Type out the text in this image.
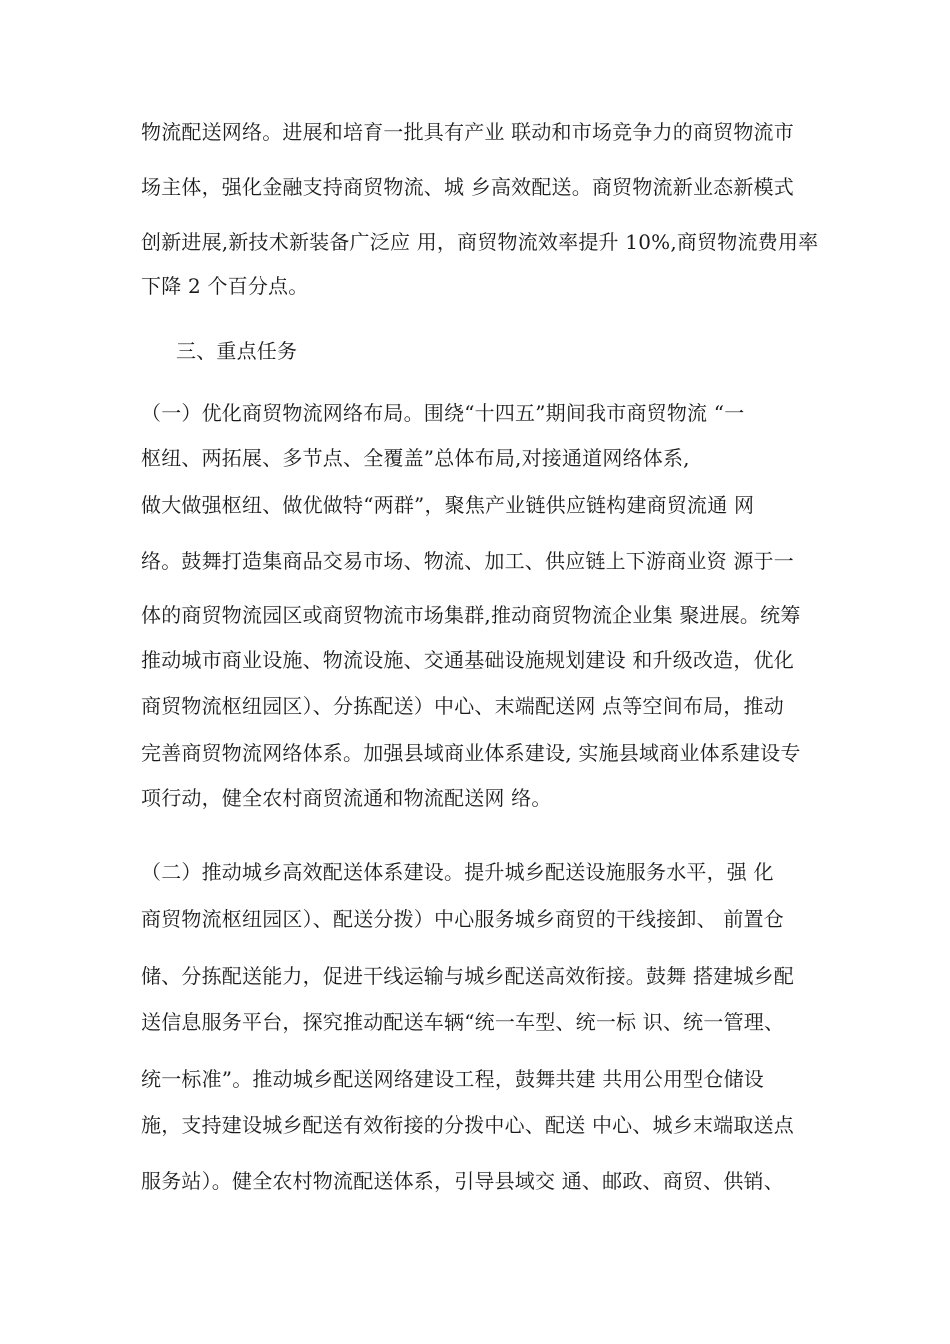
物流配送网络。进展和培育一批具有产业 联动和市场竞争力的商贸物流市
场主体，强化金融支持商贸物流、城 乡高效配送。商贸物流新业态新模式
创新进展,新技术新装备广泛应 用，商贸物流效率提升 10%,商贸物流费用率
下降 2 个百分点。
三、重点任务
（一）优化商贸物流网络布局。围绕“十四五”期间我市商贸物流 “一
枢纽、两拓展、多节点、全覆盖”总体布局,对接通道网络体系,
做大做强枢纽、做优做特“两群”，聚焦产业链供应链构建商贸流通 网
络。鼓舞打造集商品交易市场、物流、加工、供应链上下游商业资 源于一
体的商贸物流园区或商贸物流市场集群,推动商贸物流企业集 聚进展。统筹
推动城市商业设施、物流设施、交通基础设施规划建设 和升级改造，优化
商贸物流枢纽园区）、分拣配送）中心、末端配送网 点等空间布局，推动
完善商贸物流网络体系。加强县域商业体系建设, 实施县域商业体系建设专
项行动，健全农村商贸流通和物流配送网 络。
（二）推动城乡高效配送体系建设。提升城乡配送设施服务水平，强 化
商贸物流枢纽园区）、配送分拨）中心服务城乡商贸的干线接卸、 前置仓
储、分拣配送能力，促进干线运输与城乡配送高效衔接。鼓舞 搭建城乡配
送信息服务平台，探究推动配送车辆“统一车型、统一标 识、统一管理、
统一标准”。推动城乡配送网络建设工程，鼓舞共建 共用公用型仓储设
施，支持建设城乡配送有效衔接的分拨中心、配送 中心、城乡末端取送点
服务站）。健全农村物流配送体系，引导县域交 通、邮政、商贸、供销、
